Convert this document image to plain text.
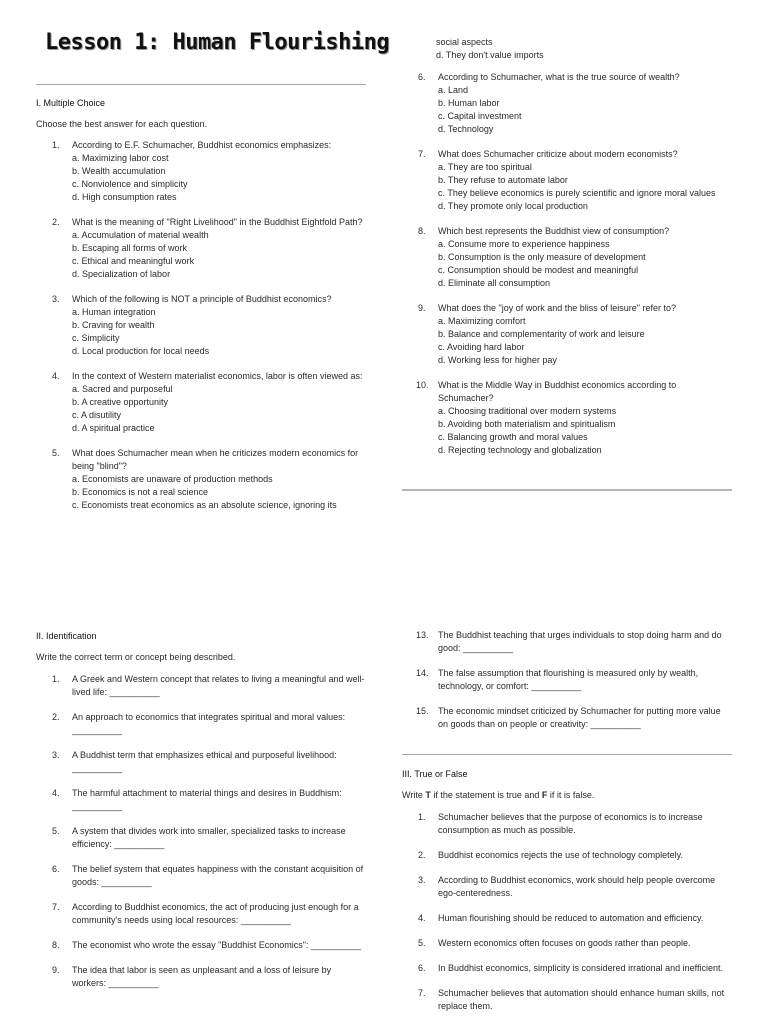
Lesson 1: Human Flourishing
I. Multiple Choice

Choose the best answer for each question.

1.	According to E.F. Schumacher, Buddhist economics emphasizes:
a. Maximizing labor cost
b. Wealth accumulation
c. Nonviolence and simplicity
d. High consumption rates
2.	What is the meaning of "Right Livelihood" in the Buddhist Eightfold Path?
a. Accumulation of material wealth
b. Escaping all forms of work
c. Ethical and meaningful work
d. Specialization of labor
3.	Which of the following is NOT a principle of Buddhist economics?
a. Human integration
b. Craving for wealth
c. Simplicity
d. Local production for local needs
4.	In the context of Western materialist economics, labor is often viewed as:
a. Sacred and purposeful
b. A creative opportunity
c. A disutility
d. A spiritual practice
5.	What does Schumacher mean when he criticizes modern economics for being "blind"?
a. Economists are unaware of production methods
b. Economics is not a real science
c. Economists treat economics as an absolute science, ignoring its
social aspects
d. They don't value imports
6.	According to Schumacher, what is the true source of wealth?
a. Land
b. Human labor
c. Capital investment
d. Technology
7.	What does Schumacher criticize about modern economists?
a. They are too spiritual
b. They refuse to automate labor
c. They believe economics is purely scientific and ignore moral values
d. They promote only local production
8.	Which best represents the Buddhist view of consumption?
a. Consume more to experience happiness
b. Consumption is the only measure of development
c. Consumption should be modest and meaningful
d. Eliminate all consumption
9.	What does the "joy of work and the bliss of leisure" refer to?
a. Maximizing comfort
b. Balance and complementarity of work and leisure
c. Avoiding hard labor
d. Working less for higher pay
10.	What is the Middle Way in Buddhist economics according to Schumacher?
a. Choosing traditional over modern systems
b. Avoiding both materialism and spiritualism
c. Balancing growth and moral values
d. Rejecting technology and globalization
II. Identification

Write the correct term or concept being described.

1.	A Greek and Western concept that relates to living a meaningful and well-lived life: __________
2.	An approach to economics that integrates spiritual and moral values: __________
3.	A Buddhist term that emphasizes ethical and purposeful livelihood: __________
4.	The harmful attachment to material things and desires in Buddhism: __________
5.	A system that divides work into smaller, specialized tasks to increase efficiency: __________
6.	The belief system that equates happiness with the constant acquisition of goods: __________
7.	According to Buddhist economics, the act of producing just enough for a community's needs using local resources: __________
8.	The economist who wrote the essay "Buddhist Economics": __________
9.	The idea that labor is seen as unpleasant and a loss of leisure by workers: __________
13.	The Buddhist teaching that urges individuals to stop doing harm and do good: __________
14.	The false assumption that flourishing is measured only by wealth, technology, or comfort: __________
15.	The economic mindset criticized by Schumacher for putting more value on goods than on people or creativity: __________
III. True or False

Write T if the statement is true and F if it is false.

1.	Schumacher believes that the purpose of economics is to increase consumption as much as possible.
2.	Buddhist economics rejects the use of technology completely.
3.	According to Buddhist economics, work should help people overcome ego-centeredness.
4.	Human flourishing should be reduced to automation and efficiency.
5.	Western economics often focuses on goods rather than people.
6.	In Buddhist economics, simplicity is considered irrational and inefficient.
7.	Schumacher believes that automation should enhance human skills, not replace them.
